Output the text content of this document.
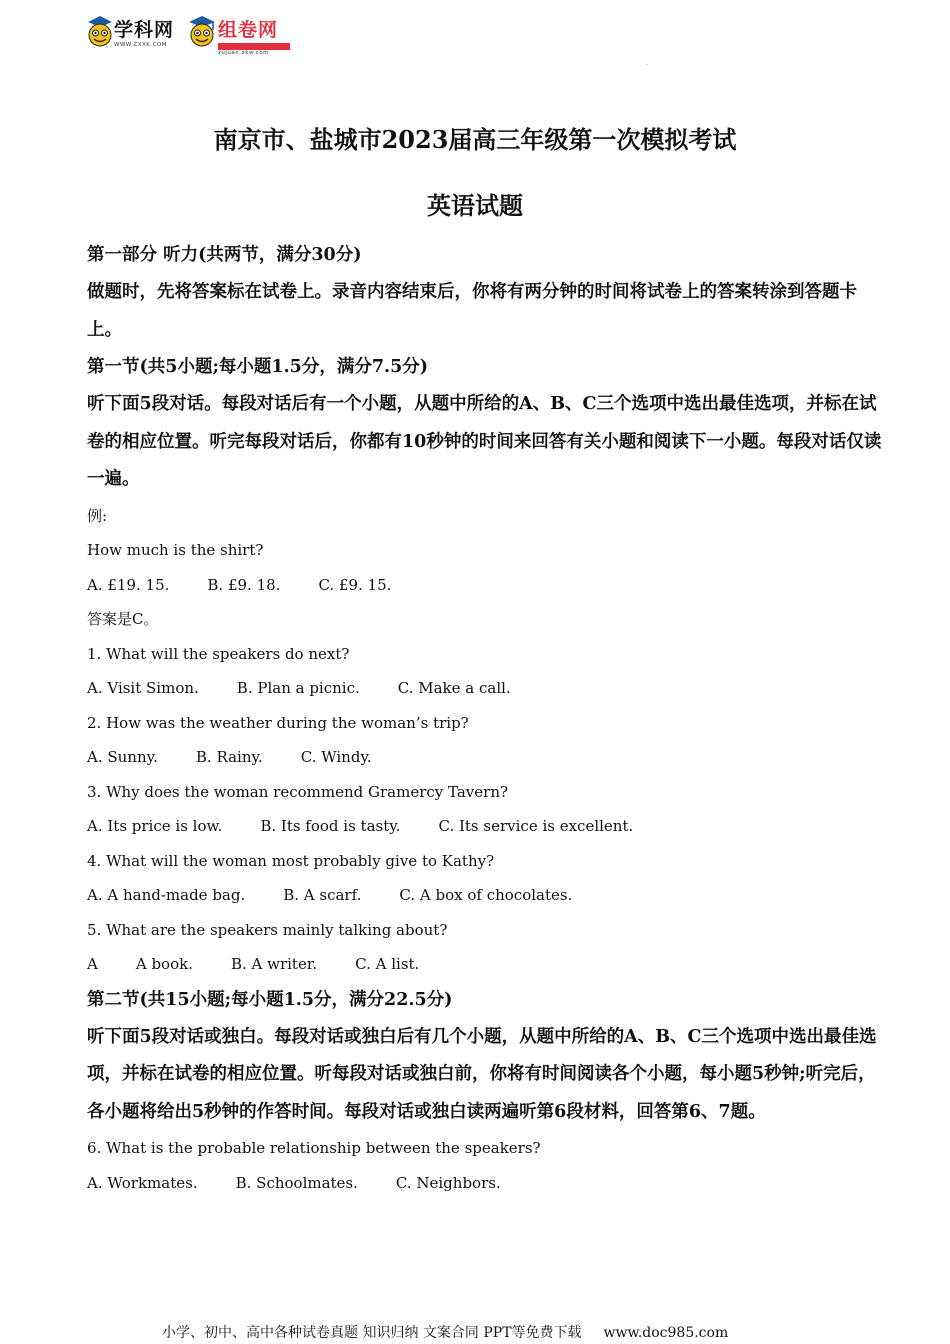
学科网
WWW.ZXXK.COM
组卷网
zujuan.xkw.com
·
南京市、盐城市2023届高三年级第一次模拟考试
英语试题

第一部分 听力(共两节，满分30分)

做题时，先将答案标在试卷上。录音内容结束后，你将有两分钟的时间将试卷上的答案转涂到答题卡上。

第一节(共5小题;每小题1.5分，满分7.5分)

听下面5段对话。每段对话后有一个小题，从题中所给的A、B、C三个选项中选出最佳选项，并标在试卷的相应位置。听完每段对话后，你都有10秒钟的时间来回答有关小题和阅读下一小题。每段对话仅读一遍。

例:

How much is the shirt?

A. £19. 15.	B. £9. 18.	C. £9. 15.

答案是C。

1. What will the speakers do next?

A. Visit Simon.	B. Plan a picnic.	C. Make a call.

2. How was the weather during the woman’s trip?

A. Sunny.	B. Rainy.	C. Windy.

3. Why does the woman recommend Gramercy Tavern?

A. Its price is low.	B. Its food is tasty.	C. Its service is excellent.

4. What will the woman most probably give to Kathy?

A. A hand-made bag.	B. A scarf.	C. A box of chocolates.

5. What are the speakers mainly talking about?

A	A book.	B. A writer.	C. A list.

第二节(共15小题;每小题1.5分，满分22.5分)

听下面5段对话或独白。每段对话或独白后有几个小题，从题中所给的A、B、C三个选项中选出最佳选项，并标在试卷的相应位置。听每段对话或独白前，你将有时间阅读各个小题，每小题5秒钟;听完后，各小题将给出5秒钟的作答时间。每段对话或独白读两遍听第6段材料，回答第6、7题。

6. What is the probable relationship between the speakers?

A. Workmates.	B. Schoolmates.	C. Neighbors.

小学、初中、高中各种试卷真题 知识归纳 文案合同 PPT等免费下载 www.doc985.com
